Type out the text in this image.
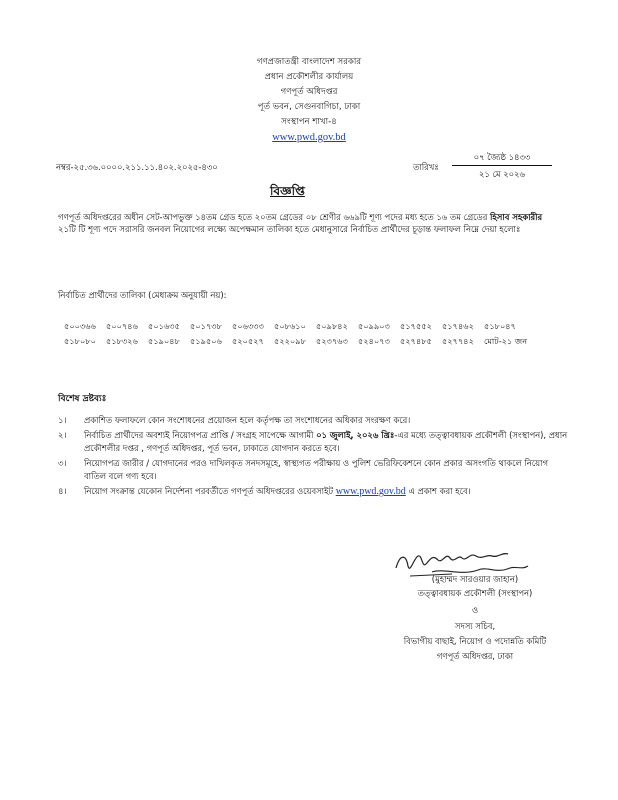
গণপ্রজাতন্ত্রী বাংলাদেশ সরকার
প্রধান প্রকৌশলীর কার্যালয়
গণপূর্ত অধিদপ্তর
পূর্ত ভবন, সেগুনবাগিচা, ঢাকা
সংস্থাপন শাখা-৪
www.pwd.gov.bd
নম্বর-২৫.৩৬.০০০০.২১১.১১.৪০২.২০২৫-৪৩০	তারিখঃ
০৭ জ্যৈষ্ঠ ১৪৩৩
২১ মে ২০২৬
বিজ্ঞপ্তি
গণপূর্ত অধিদপ্তরের অধীন সেট-আপভুক্ত ১৪তম গ্রেড হতে ২০তম গ্রেডের ০৮ শ্রেণীর ৬৬৯টি শূণ্য পদের মধ্য হতে ১৬ তম গ্রেডের হিসাব সহকারীর ২১টি টি শূণ্য পদে সরাসরি জনবল নিয়োগের লক্ষ্যে অপেক্ষমান তালিকা হতে মেধানুসারে নির্বাচিত প্রার্থীদের চূড়ান্ত ফলাফল নিম্নে দেয়া হলোঃ
নির্বাচিত প্রার্থীদের তালিকা (মেধাক্রম অনুযায়ী নয়):
৫০০৩৬৬ ৫০০৭৪৬ ৫০১৬৩৫ ৫০১৭৩৮ ৫০৬৩৩৩ ৫০৮৬১০ ৫০৯৮৪২ ৫০৯৯০৩ ৫১৭৫৫২ ৫১৭৪৬২ ৫১৮০৪৭
৫১৮০৮০ ৫১৮৩২৬ ৫১৯০৪৮ ৫১৯৫০৬ ৫২০৫২৭ ৫২২০৯৮ ৫২৩৭৬৩ ৫২৪০৭৩ ৫২৭৪৮৫ ৫২৭৭৪২ মোট-২১ জন
বিশেষ দ্রষ্টব্যঃ
১।	প্রকাশিত ফলাফলে কোন সংশোধনের প্রয়োজন হলে কর্তৃপক্ষ তা সংশোধনের অধিকার সংরক্ষণ করে।
২।	নির্বাচিত প্রার্থীদের অবশ্যই নিয়োগপত্র প্রাপ্তি / সংগ্রহ সাপেক্ষে আগামী ০১ জুলাই, ২০২৬ খ্রিঃ-এর মধ্যে তত্ত্বাবধায়ক প্রকৌশলী (সংস্থাপন), প্রধান প্রকৌশলীর দপ্তর , গণপূর্ত অধিদপ্তর, পূর্ত ভবন, ঢাকাতে যোগদান করতে হবে।
৩।	নিয়োগপত্র জারীর / যোগদানের পরও দাখিলকৃত সনদসমূহে, স্বাস্থ্যগত পরীক্ষায় ও পুলিশ ভেরিফিকেশনে কোন প্রকার অসংগতি থাকলে নিয়োগ বাতিল বলে গণ্য হবে।
৪।	নিয়োগ সংক্রান্ত যেকোন নির্দেশনা পরবর্তীতে গণপূর্ত অধিদপ্তরের ওয়েবসাইট www.pwd.gov.bd এ প্রকাশ করা হবে।
(মুহাম্মদ সারওয়ার জাহান)
তত্ত্বাবধায়ক প্রকৌশলী (সংস্থাপন)
ও
সদস্য সচিব,
বিভাগীয় বাছাই, নিয়োগ ও পদোন্নতি কমিটি
গণপূর্ত অধিদপ্তর, ঢাকা
